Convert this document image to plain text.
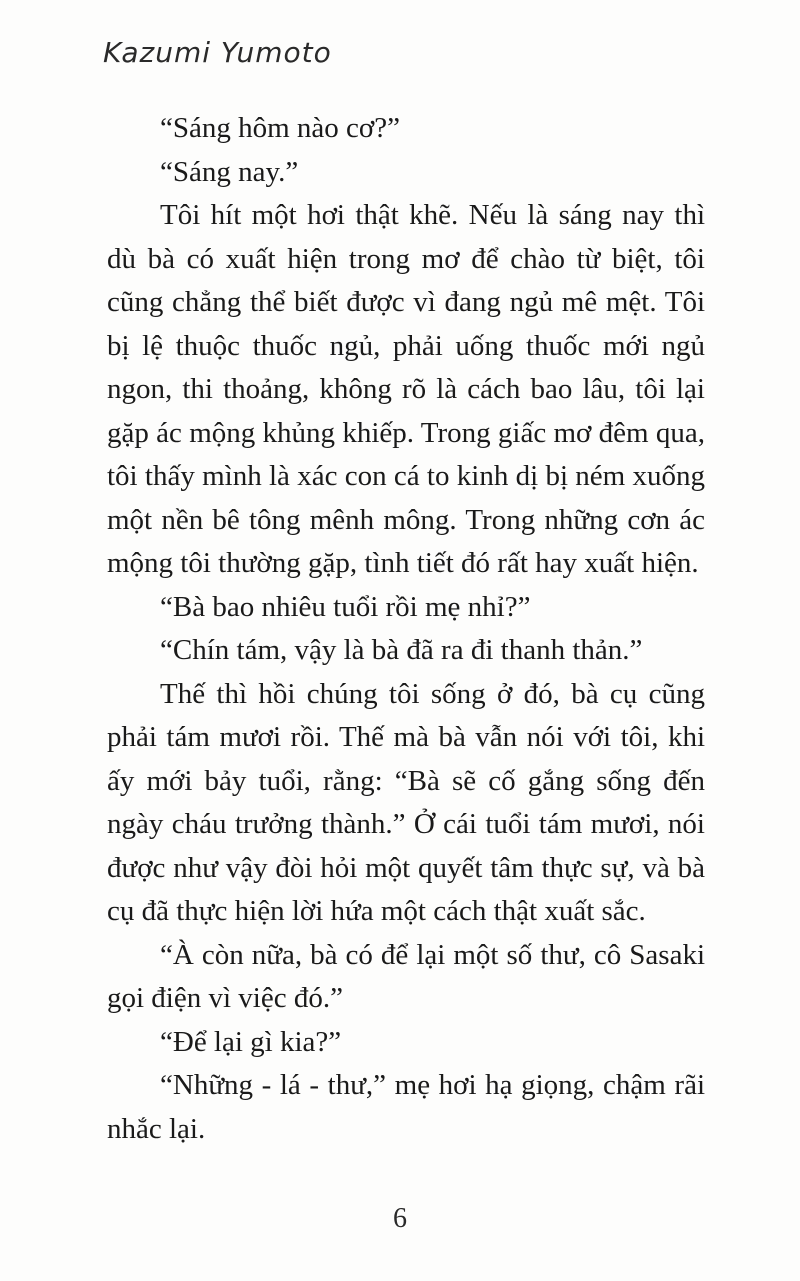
Kazumi Yumoto

“Sáng hôm nào cơ?”

“Sáng nay.”

Tôi hít một hơi thật khẽ. Nếu là sáng nay thì dù bà có xuất hiện trong mơ để chào từ biệt, tôi cũng chẳng thể biết được vì đang ngủ mê mệt. Tôi bị lệ thuộc thuốc ngủ, phải uống thuốc mới ngủ ngon, thi thoảng, không rõ là cách bao lâu, tôi lại gặp ác mộng khủng khiếp. Trong giấc mơ đêm qua, tôi thấy mình là xác con cá to kinh dị bị ném xuống một nền bê tông mênh mông. Trong những cơn ác mộng tôi thường gặp, tình tiết đó rất hay xuất hiện.

“Bà bao nhiêu tuổi rồi mẹ nhỉ?”

“Chín tám, vậy là bà đã ra đi thanh thản.”

Thế thì hồi chúng tôi sống ở đó, bà cụ cũng phải tám mươi rồi. Thế mà bà vẫn nói với tôi, khi ấy mới bảy tuổi, rằng: “Bà sẽ cố gắng sống đến ngày cháu trưởng thành.” Ở cái tuổi tám mươi, nói được như vậy đòi hỏi một quyết tâm thực sự, và bà cụ đã thực hiện lời hứa một cách thật xuất sắc.

“À còn nữa, bà có để lại một số thư, cô Sasaki gọi điện vì việc đó.”

“Để lại gì kia?”

“Những - lá - thư,” mẹ hơi hạ giọng, chậm rãi nhắc lại.

6
